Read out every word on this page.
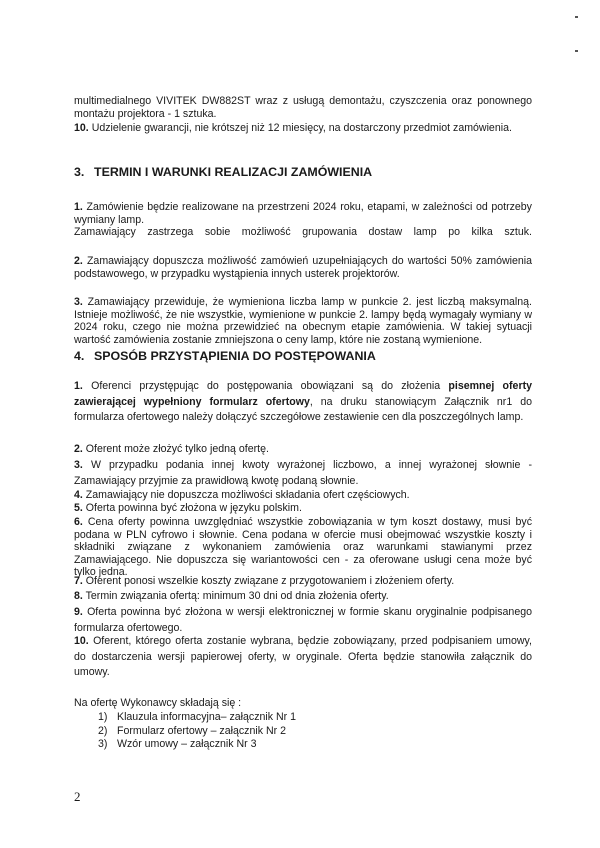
multimedialnego VIVITEK DW882ST wraz z usługą demontażu, czyszczenia oraz ponownego montażu projektora - 1 sztuka.

10. Udzielenie gwarancji, nie krótszej niż 12 miesięcy, na dostarczony przedmiot zamówienia.

3. TERMIN I WARUNKI REALIZACJI ZAMÓWIENIA

1. Zamówienie będzie realizowane na przestrzeni 2024 roku, etapami, w zależności od potrzeby wymiany lamp.

Zamawiający zastrzega sobie możliwość grupowania dostaw lamp po kilka sztuk.

2. Zamawiający dopuszcza możliwość zamówień uzupełniających do wartości 50% zamówienia podstawowego, w przypadku wystąpienia innych usterek projektorów.

3. Zamawiający przewiduje, że wymieniona liczba lamp w punkcie 2. jest liczbą maksymalną. Istnieje możliwość, że nie wszystkie, wymienione w punkcie 2. lampy będą wymagały wymiany w 2024 roku, czego nie można przewidzieć na obecnym etapie zamówienia. W takiej sytuacji wartość zamówienia zostanie zmniejszona o ceny lamp, które nie zostaną wymienione.

4. SPOSÓB PRZYSTĄPIENIA DO POSTĘPOWANIA

1. Oferenci przystępując do postępowania obowiązani są do złożenia pisemnej oferty zawierającej wypełniony formularz ofertowy, na druku stanowiącym Załącznik nr1 do formularza ofertowego należy dołączyć szczegółowe zestawienie cen dla poszczególnych lamp.

2. Oferent może złożyć tylko jedną ofertę.

3. W przypadku podania innej kwoty wyrażonej liczbowo, a innej wyrażonej słownie - Zamawiający przyjmie za prawidłową kwotę podaną słownie.

4. Zamawiający nie dopuszcza możliwości składania ofert częściowych.

5. Oferta powinna być złożona w języku polskim.

6. Cena oferty powinna uwzględniać wszystkie zobowiązania w tym koszt dostawy, musi być podana w PLN cyfrowo i słownie. Cena podana w ofercie musi obejmować wszystkie koszty i składniki związane z wykonaniem zamówienia oraz warunkami stawianymi przez Zamawiającego. Nie dopuszcza się wariantowości cen - za oferowane usługi cena może być tylko jedna.

7. Oferent ponosi wszelkie koszty związane z przygotowaniem i złożeniem oferty.

8. Termin związania ofertą: minimum 30 dni od dnia złożenia oferty.

9. Oferta powinna być złożona w wersji elektronicznej w formie skanu oryginalnie podpisanego formularza ofertowego.

10. Oferent, którego oferta zostanie wybrana, będzie zobowiązany, przed podpisaniem umowy, do dostarczenia wersji papierowej oferty, w oryginale. Oferta będzie stanowiła załącznik do umowy.

Na ofertę Wykonawcy składają się :

1) Klauzula informacyjna– załącznik Nr 1
2) Formularz ofertowy – załącznik Nr 2
3) Wzór umowy – załącznik Nr 3
2
